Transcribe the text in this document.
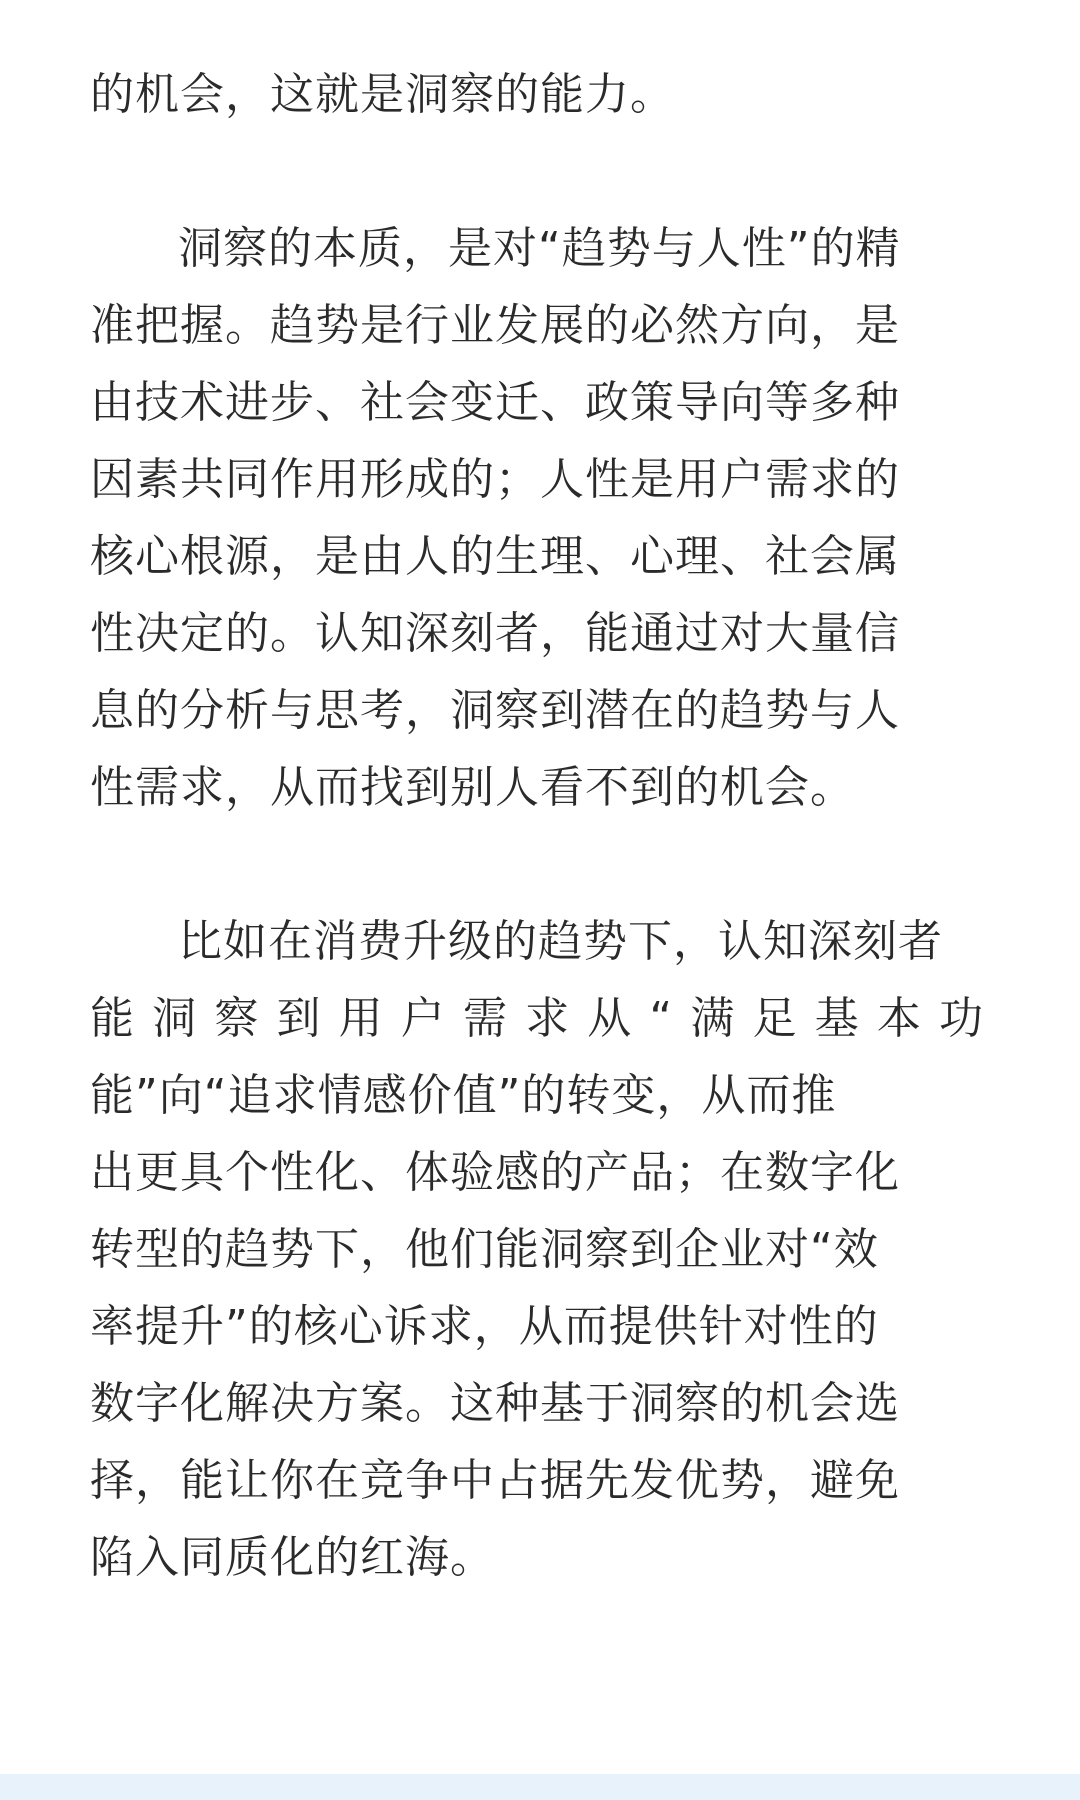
的机会，这就是洞察的能力。
洞察的本质，是对“趋势与人性”的精
准把握。趋势是行业发展的必然方向，是
由技术进步、社会变迁、政策导向等多种
因素共同作用形成的；人性是用户需求的
核心根源，是由人的生理、心理、社会属
性决定的。认知深刻者，能通过对大量信
息的分析与思考，洞察到潜在的趋势与人
性需求，从而找到别人看不到的机会。
比如在消费升级的趋势下，认知深刻者
能 洞 察 到 用 户 需 求 从 “ 满 足 基 本 功
能”向“追求情感价值”的转变，从而推
出更具个性化、体验感的产品；在数字化
转型的趋势下，他们能洞察到企业对“效
率提升”的核心诉求，从而提供针对性的
数字化解决方案。这种基于洞察的机会选
择，能让你在竞争中占据先发优势，避免
陷入同质化的红海。
